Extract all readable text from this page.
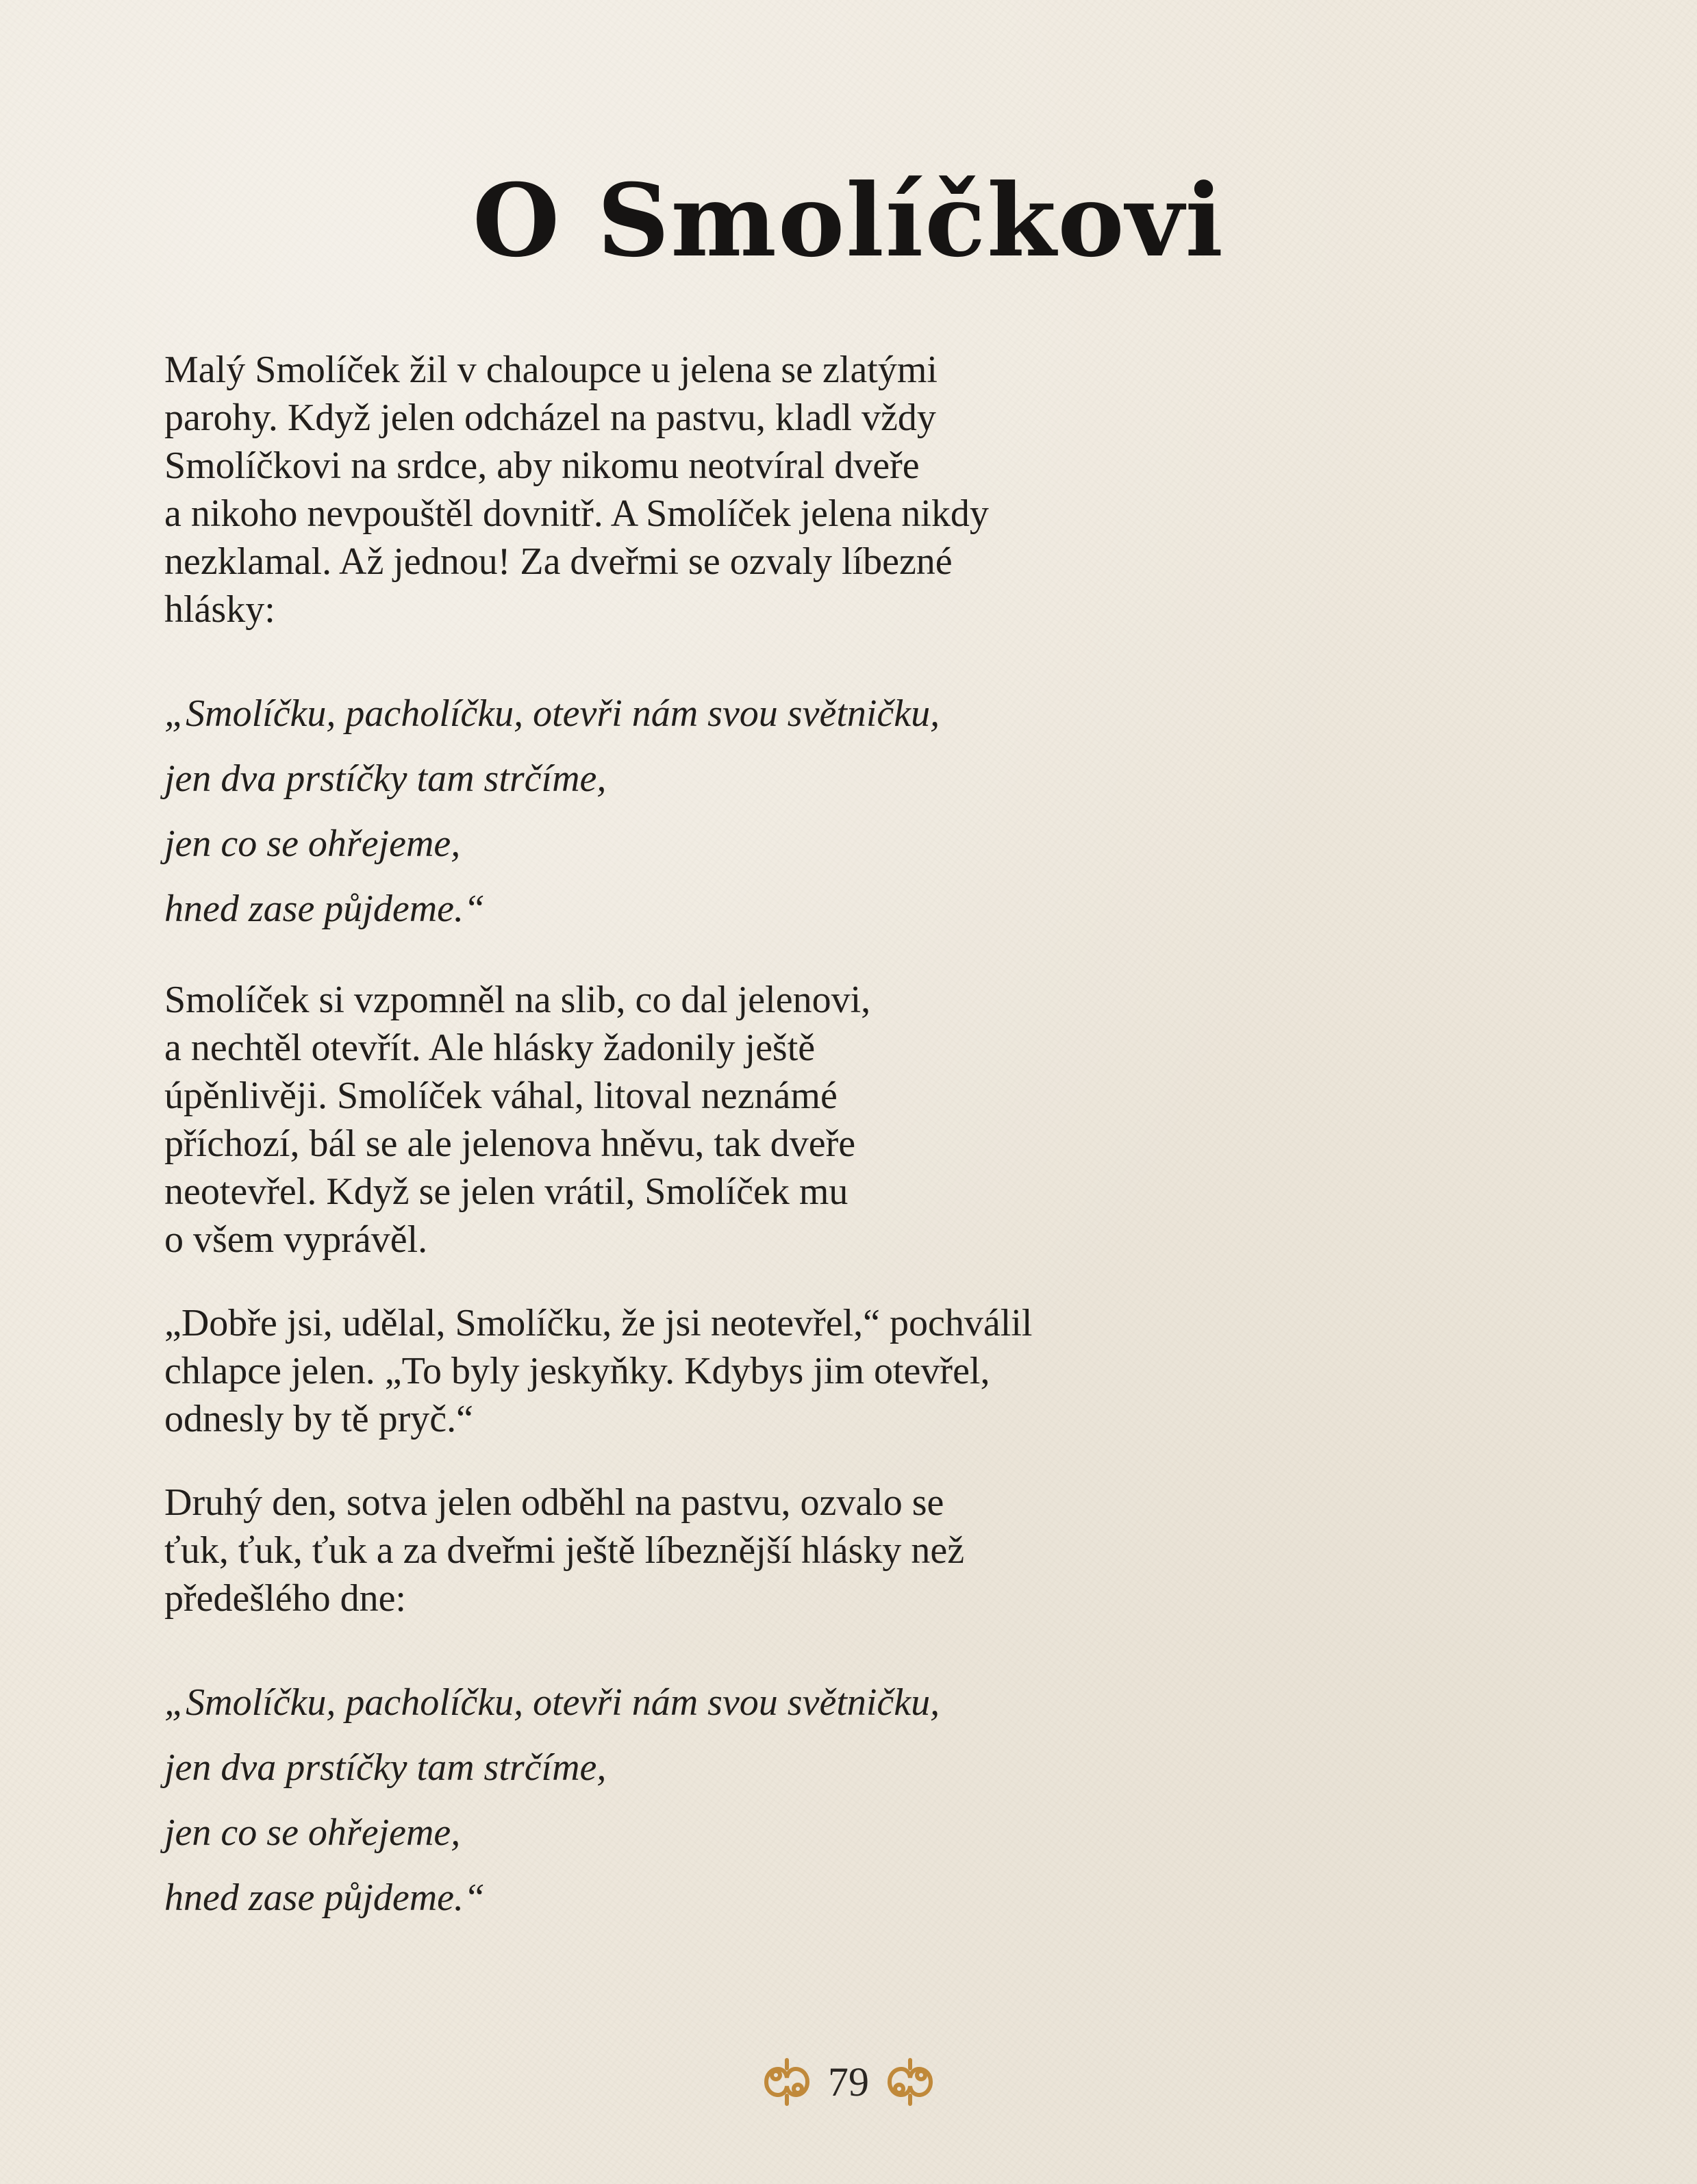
O Smolíčkovi

Malý Smolíček žil v chaloupce u jelena se zlatými
parohy. Když jelen odcházel na pastvu, kladl vždy
Smolíčkovi na srdce, aby nikomu neotvíral dveře
a nikoho nevpouštěl dovnitř. A Smolíček jelena nikdy
nezklamal. Až jednou! Za dveřmi se ozvaly líbezné
hlásky:

„Smolíčku, pacholíčku, otevři nám svou světničku,
jen dva prstíčky tam strčíme,
jen co se ohřejeme,
hned zase půjdeme.“

Smolíček si vzpomněl na slib, co dal jelenovi,
a nechtěl otevřít. Ale hlásky žadonily ještě
úpěnlivěji. Smolíček váhal, litoval neznámé
příchozí, bál se ale jelenova hněvu, tak dveře
neotevřel. Když se jelen vrátil, Smolíček mu
o všem vyprávěl.

„Dobře jsi, udělal, Smolíčku, že jsi neotevřel,“ pochválil
chlapce jelen. „To byly jeskyňky. Kdybys jim otevřel,
odnesly by tě pryč.“

Druhý den, sotva jelen odběhl na pastvu, ozvalo se
ťuk, ťuk, ťuk a za dveřmi ještě líbeznější hlásky než
předešlého dne:

„Smolíčku, pacholíčku, otevři nám svou světničku,
jen dva prstíčky tam strčíme,
jen co se ohřejeme,
hned zase půjdeme.“

79
